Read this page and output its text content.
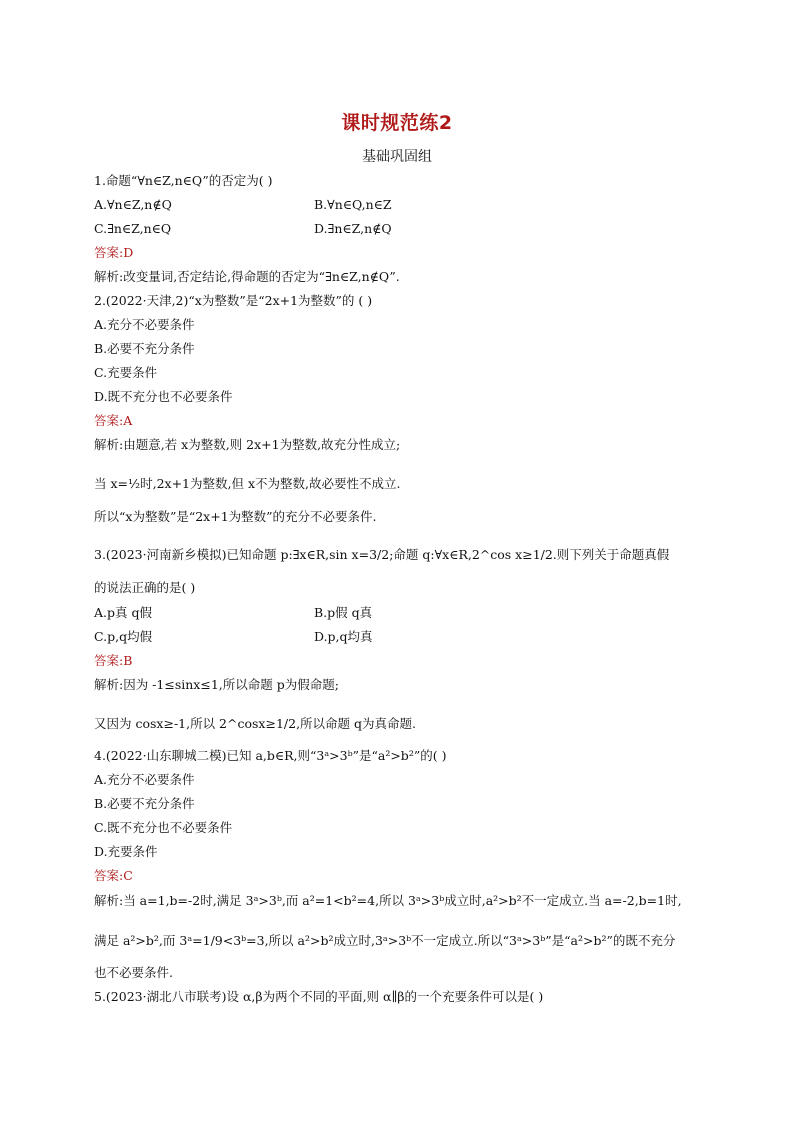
课时规范练2
基础巩固组
1.命题“∀n∈Z,n∈Q”的否定为( )
A.∀n∈Z,n∉Q	B.∀n∈Q,n∈Z
C.∃n∈Z,n∈Q	D.∃n∈Z,n∉Q
答案:D
解析:改变量词,否定结论,得命题的否定为“∃n∈Z,n∉Q”.
2.(2022·天津,2)“x为整数”是“2x+1为整数”的 ( )
A.充分不必要条件
B.必要不充分条件
C.充要条件
D.既不充分也不必要条件
答案:A
解析:由题意,若 x为整数,则 2x+1为整数,故充分性成立;
当 x=½时,2x+1为整数,但 x不为整数,故必要性不成立.
所以“x为整数”是“2x+1为整数”的充分不必要条件.
3.(2023·河南新乡模拟)已知命题 p:∃x∈R,sin x=3/2;命题 q:∀x∈R,2^cos x≥1/2.则下列关于命题真假
的说法正确的是( )
A.p真 q假	B.p假 q真
C.p,q均假	D.p,q均真
答案:B
解析:因为 -1≤sinx≤1,所以命题 p为假命题;
又因为 cosx≥-1,所以 2^cosx≥1/2,所以命题 q为真命题.
4.(2022·山东聊城二模)已知 a,b∈R,则“3ᵃ>3ᵇ”是“a²>b²”的( )
A.充分不必要条件
B.必要不充分条件
C.既不充分也不必要条件
D.充要条件
答案:C
解析:当 a=1,b=-2时,满足 3ᵃ>3ᵇ,而 a²=1<b²=4,所以 3ᵃ>3ᵇ成立时,a²>b²不一定成立.当 a=-2,b=1时,
满足 a²>b²,而 3ᵃ=1/9<3ᵇ=3,所以 a²>b²成立时,3ᵃ>3ᵇ不一定成立.所以“3ᵃ>3ᵇ”是“a²>b²”的既不充分
也不必要条件.
5.(2023·湖北八市联考)设 α,β为两个不同的平面,则 α∥β的一个充要条件可以是( )
